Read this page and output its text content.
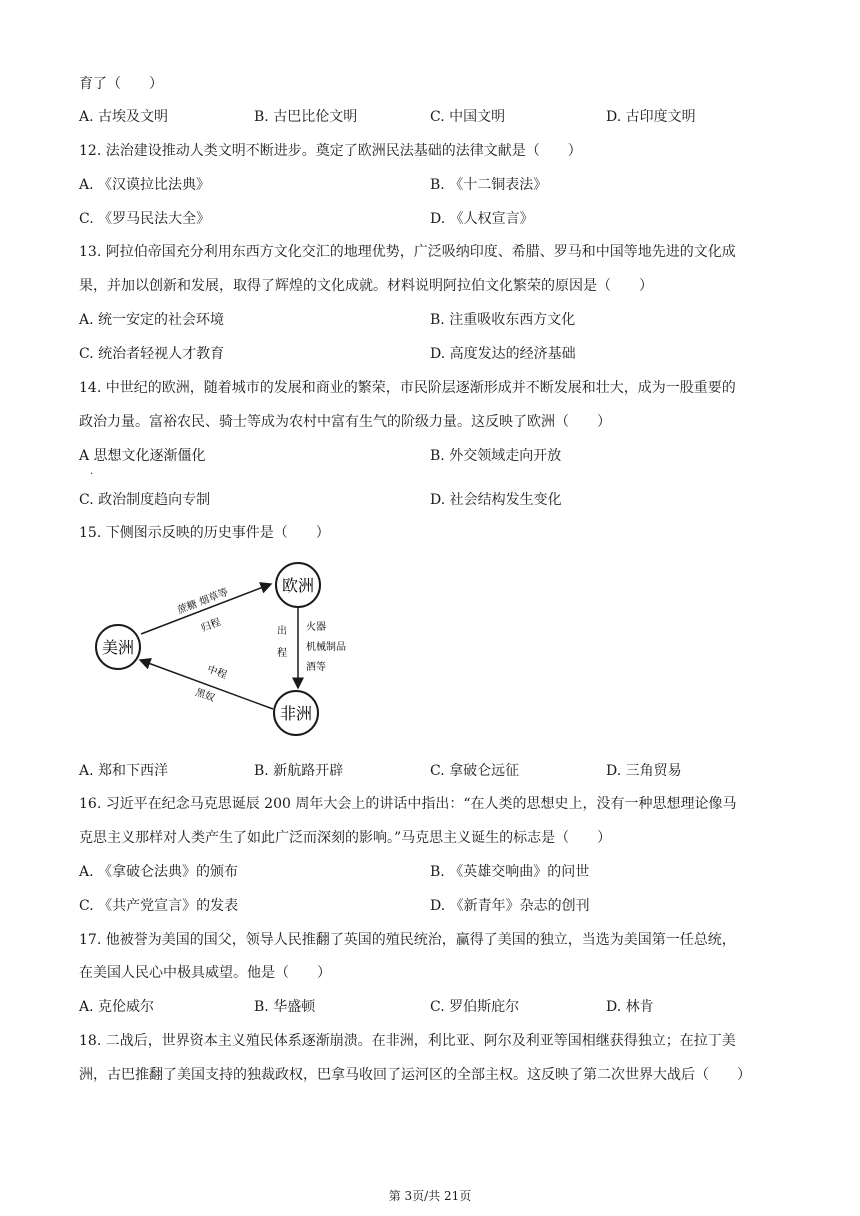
育了（　　）
A. 古埃及文明	B. 古巴比伦文明	C. 中国文明	D. 古印度文明
12. 法治建设推动人类文明不断进步。奠定了欧洲民法基础的法律文献是（　　）
A. 《汉谟拉比法典》	B. 《十二铜表法》
C. 《罗马民法大全》	D. 《人权宣言》
13. 阿拉伯帝国充分利用东西方文化交汇的地理优势，广泛吸纳印度、希腊、罗马和中国等地先进的文化成
果，并加以创新和发展，取得了辉煌的文化成就。材料说明阿拉伯文化繁荣的原因是（　　）
A. 统一安定的社会环境	B. 注重吸收东西方文化
C. 统治者轻视人才教育	D. 高度发达的经济基础
14. 中世纪的欧洲，随着城市的发展和商业的繁荣，市民阶层逐渐形成并不断发展和壮大，成为一股重要的
政治力量。富裕农民、骑士等成为农村中富有生气的阶级力量。这反映了欧洲（　　）
A 思想文化逐渐僵化
.
B. 外交领域走向开放
C. 政治制度趋向专制	D. 社会结构发生变化
15. 下侧图示反映的历史事件是（　　）
欧洲
美洲
非洲
蔗糖 烟草等
归程	出
程
火器
机械制品
酒等
中程
黑奴
A. 郑和下西洋	B. 新航路开辟	C. 拿破仑远征	D. 三角贸易
16. 习近平在纪念马克思诞辰 200 周年大会上的讲话中指出：“在人类的思想史上，没有一种思想理论像马
克思主义那样对人类产生了如此广泛而深刻的影响。”马克思主义诞生的标志是（　　）
A. 《拿破仑法典》的颁布	B. 《英雄交响曲》的问世
C. 《共产党宣言》的发表	D. 《新青年》杂志的创刊
17. 他被誉为美国的国父，领导人民推翻了英国的殖民统治，赢得了美国的独立，当选为美国第一任总统，
在美国人民心中极具威望。他是（　　）
A. 克伦威尔	B. 华盛顿	C. 罗伯斯庇尔	D. 林肯
18. 二战后，世界资本主义殖民体系逐渐崩溃。在非洲，利比亚、阿尔及利亚等国相继获得独立；在拉丁美
洲，古巴推翻了美国支持的独裁政权，巴拿马收回了运河区的全部主权。这反映了第二次世界大战后（　　）
第 3页/共 21页
